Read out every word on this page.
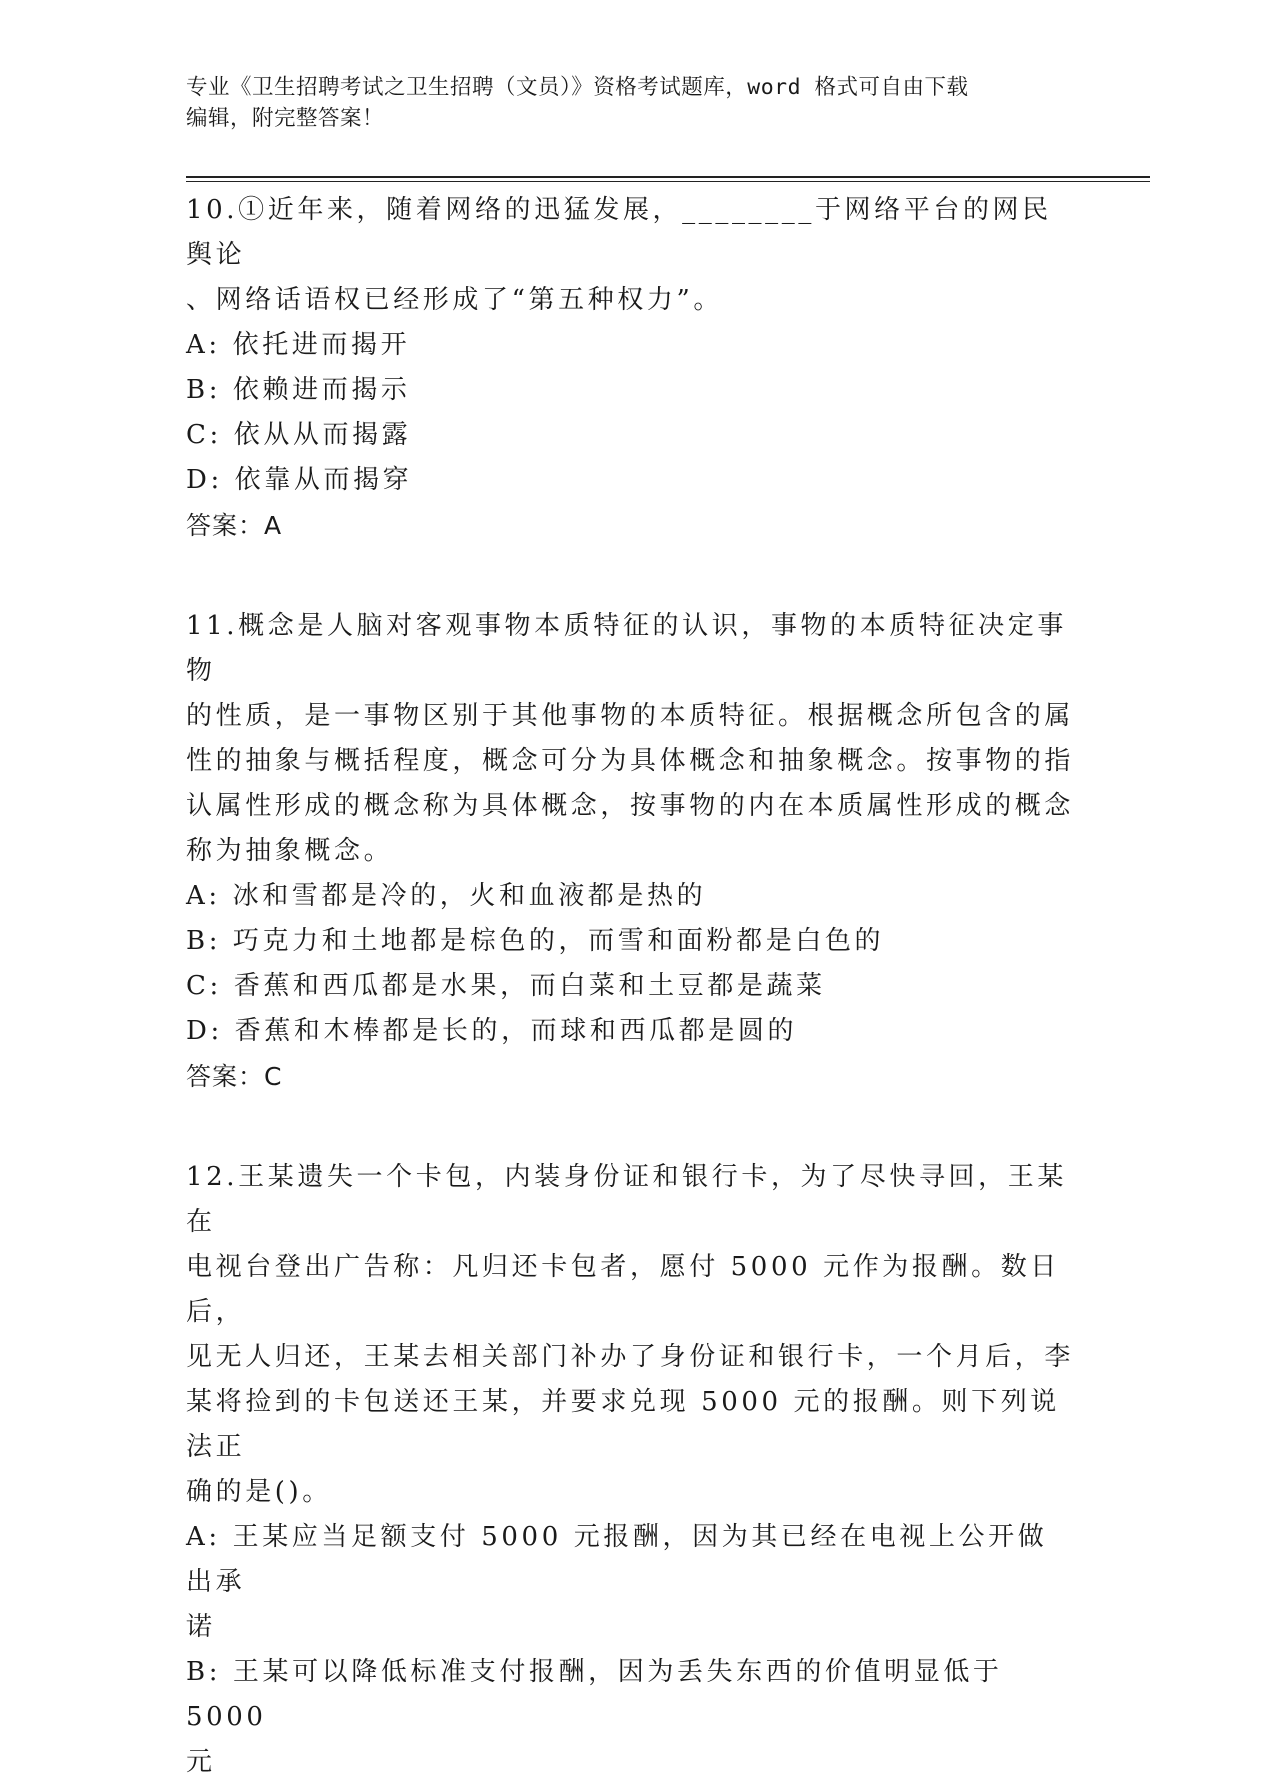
专业《卫生招聘考试之卫生招聘（文员）》资格考试题库，word 格式可自由下载
编辑，附完整答案！

10.①近年来，随着网络的迅猛发展，________于网络平台的网民舆论

、网络话语权已经形成了“第五种权力”。

A: 依托进而揭开

B: 依赖进而揭示

C: 依从从而揭露

D: 依靠从而揭穿

答案：A

11.概念是人脑对客观事物本质特征的认识，事物的本质特征决定事物

的性质，是一事物区别于其他事物的本质特征。根据概念所包含的属

性的抽象与概括程度，概念可分为具体概念和抽象概念。按事物的指

认属性形成的概念称为具体概念，按事物的内在本质属性形成的概念

称为抽象概念。

A: 冰和雪都是冷的，火和血液都是热的

B: 巧克力和土地都是棕色的，而雪和面粉都是白色的

C: 香蕉和西瓜都是水果，而白菜和土豆都是蔬菜

D: 香蕉和木棒都是长的，而球和西瓜都是圆的

答案：C

12.王某遗失一个卡包，内装身份证和银行卡，为了尽快寻回，王某在

电视台登出广告称：凡归还卡包者，愿付 5000 元作为报酬。数日后，

见无人归还，王某去相关部门补办了身份证和银行卡，一个月后，李

某将捡到的卡包送还王某，并要求兑现 5000 元的报酬。则下列说法正

确的是()。

A: 王某应当足额支付 5000 元报酬，因为其已经在电视上公开做出承

诺

B: 王某可以降低标准支付报酬，因为丢失东西的价值明显低于 5000

元
